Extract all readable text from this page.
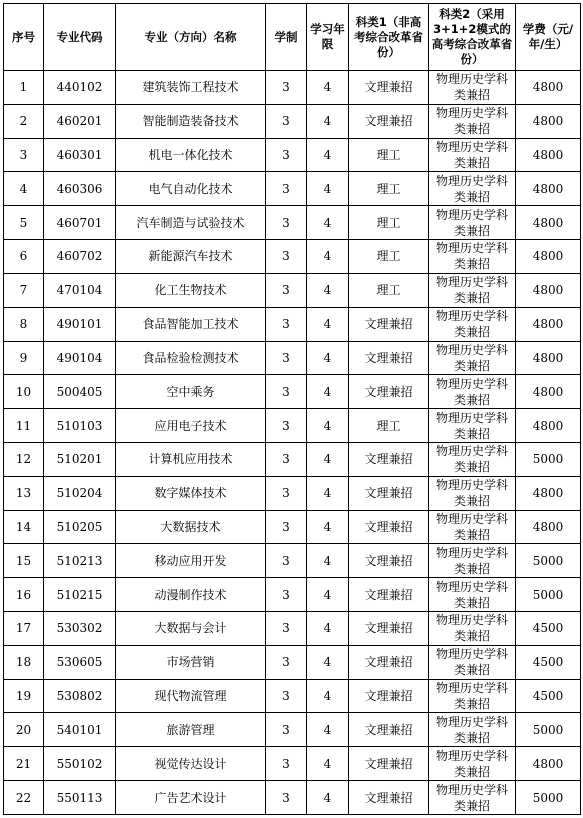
序号	专业代码	专业（方向）名称	学制	学习年限	科类1（非高考综合改革省份）	科类2（采用3+1+2模式的高考综合改革省份）	学费（元/年/生）
1	440102	建筑装饰工程技术	3	4	文理兼招	物理历史学科类兼招	4800
2	460201	智能制造装备技术	3	4	文理兼招	物理历史学科类兼招	4800
3	460301	机电一体化技术	3	4	理工	物理历史学科类兼招	4800
4	460306	电气自动化技术	3	4	理工	物理历史学科类兼招	4800
5	460701	汽车制造与试验技术	3	4	理工	物理历史学科类兼招	4800
6	460702	新能源汽车技术	3	4	理工	物理历史学科类兼招	4800
7	470104	化工生物技术	3	4	理工	物理历史学科类兼招	4800
8	490101	食品智能加工技术	3	4	文理兼招	物理历史学科类兼招	4800
9	490104	食品检验检测技术	3	4	文理兼招	物理历史学科类兼招	4800
10	500405	空中乘务	3	4	文理兼招	物理历史学科类兼招	4800
11	510103	应用电子技术	3	4	理工	物理历史学科类兼招	4800
12	510201	计算机应用技术	3	4	文理兼招	物理历史学科类兼招	5000
13	510204	数字媒体技术	3	4	文理兼招	物理历史学科类兼招	4800
14	510205	大数据技术	3	4	文理兼招	物理历史学科类兼招	4800
15	510213	移动应用开发	3	4	文理兼招	物理历史学科类兼招	5000
16	510215	动漫制作技术	3	4	文理兼招	物理历史学科类兼招	5000
17	530302	大数据与会计	3	4	文理兼招	物理历史学科类兼招	4500
18	530605	市场营销	3	4	文理兼招	物理历史学科类兼招	4500
19	530802	现代物流管理	3	4	文理兼招	物理历史学科类兼招	4500
20	540101	旅游管理	3	4	文理兼招	物理历史学科类兼招	5000
21	550102	视觉传达设计	3	4	文理兼招	物理历史学科类兼招	4800
22	550113	广告艺术设计	3	4	文理兼招	物理历史学科类兼招	5000
